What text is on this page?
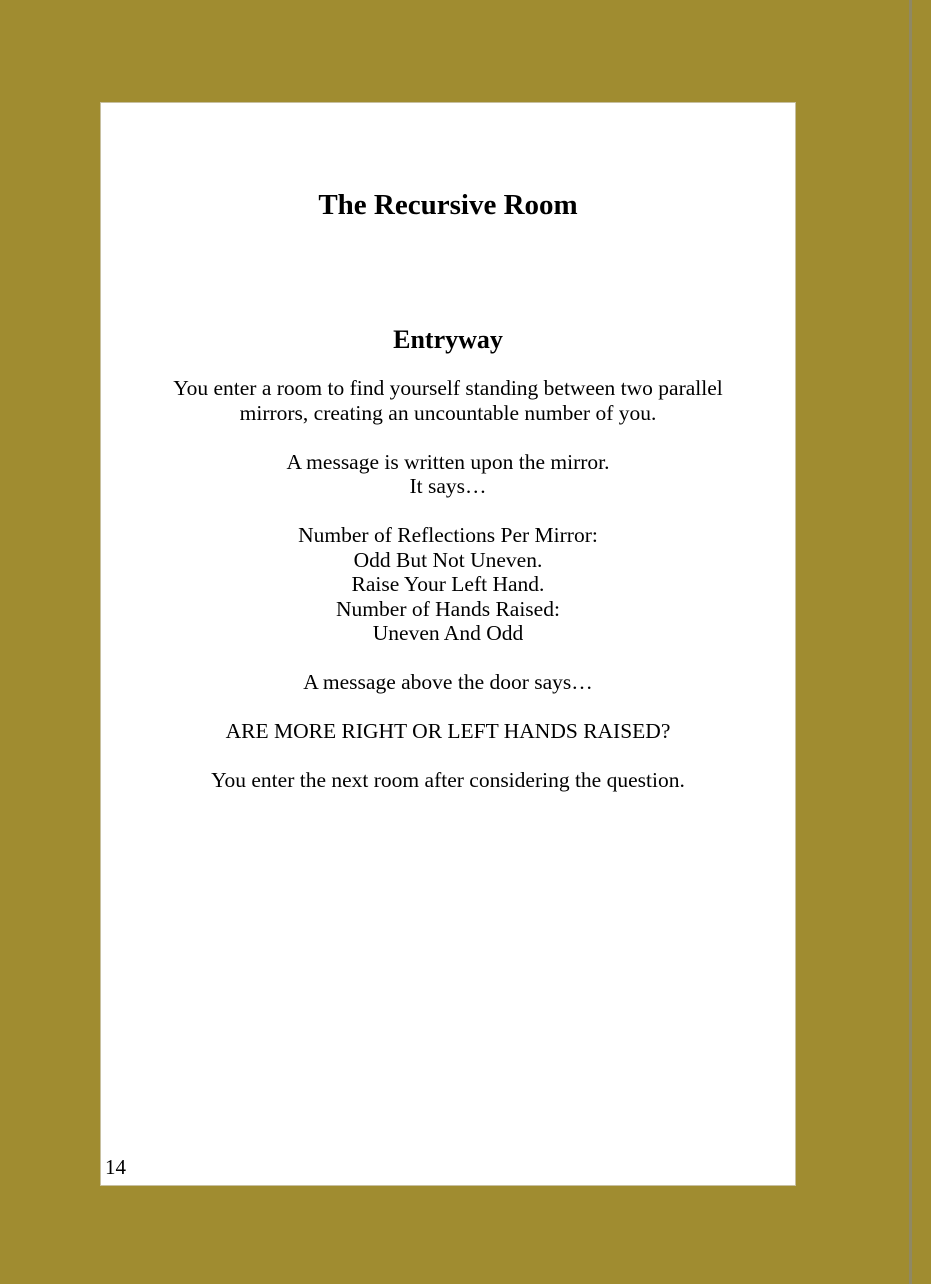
The Recursive Room
Entryway

You enter a room to find yourself standing between two parallel
mirrors, creating an uncountable number of you.

A message is written upon the mirror.
It says…

Number of Reflections Per Mirror:
Odd But Not Uneven.
Raise Your Left Hand.
Number of Hands Raised:
Uneven And Odd

A message above the door says…

ARE MORE RIGHT OR LEFT HANDS RAISED?

You enter the next room after considering the question.

14
